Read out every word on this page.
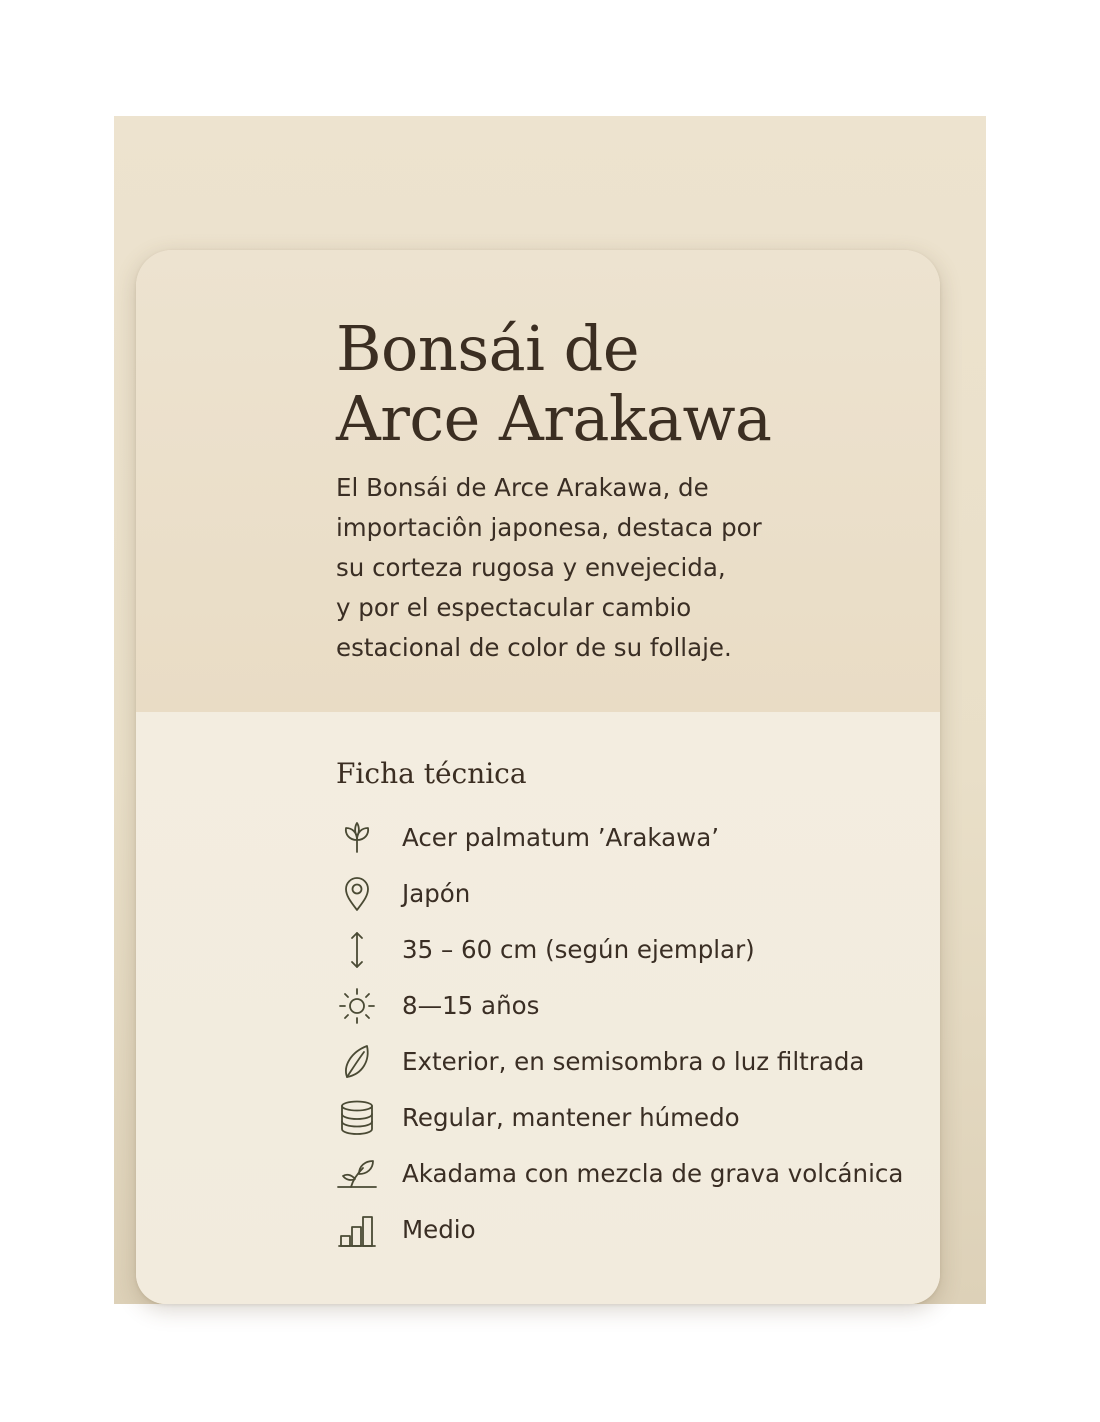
Bonsái de
Arce Arakawa

El Bonsái de Arce Arakawa, de
importaciôn japonesa, destaca por
su corteza rugosa y envejecida,
y por el espectacular cambio
estacional de color de su follaje.

Ficha técnica
Acer palmatum ’Arakawa’
Japón
35 – 60 cm (según ejemplar)
8—15 años
Exterior, en semisombra o luz filtrada
Regular, mantener húmedo
Akadama con mezcla de grava volcánica
Medio
